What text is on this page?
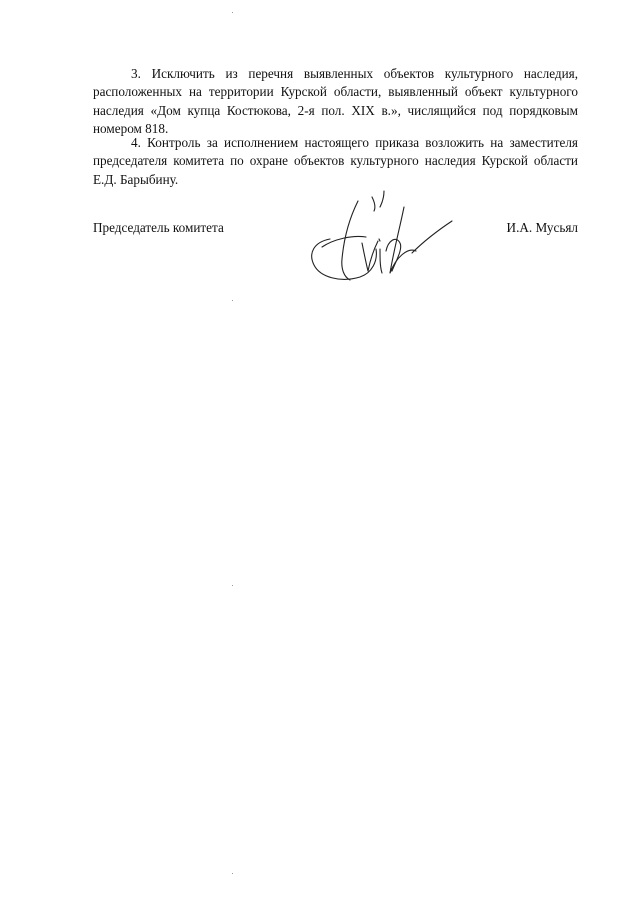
3. Исключить из перечня выявленных объектов культурного наследия, расположенных на территории Курской области, выявленный объект культурного наследия «Дом купца Костюкова, 2-я пол. XIX в.», числящийся под порядковым номером 818.

4. Контроль за исполнением настоящего приказа возложить на заместителя председателя комитета по охране объектов культурного наследия Курской области Е.Д. Барыбину.

Председатель комитета	И.А. Мусьял
